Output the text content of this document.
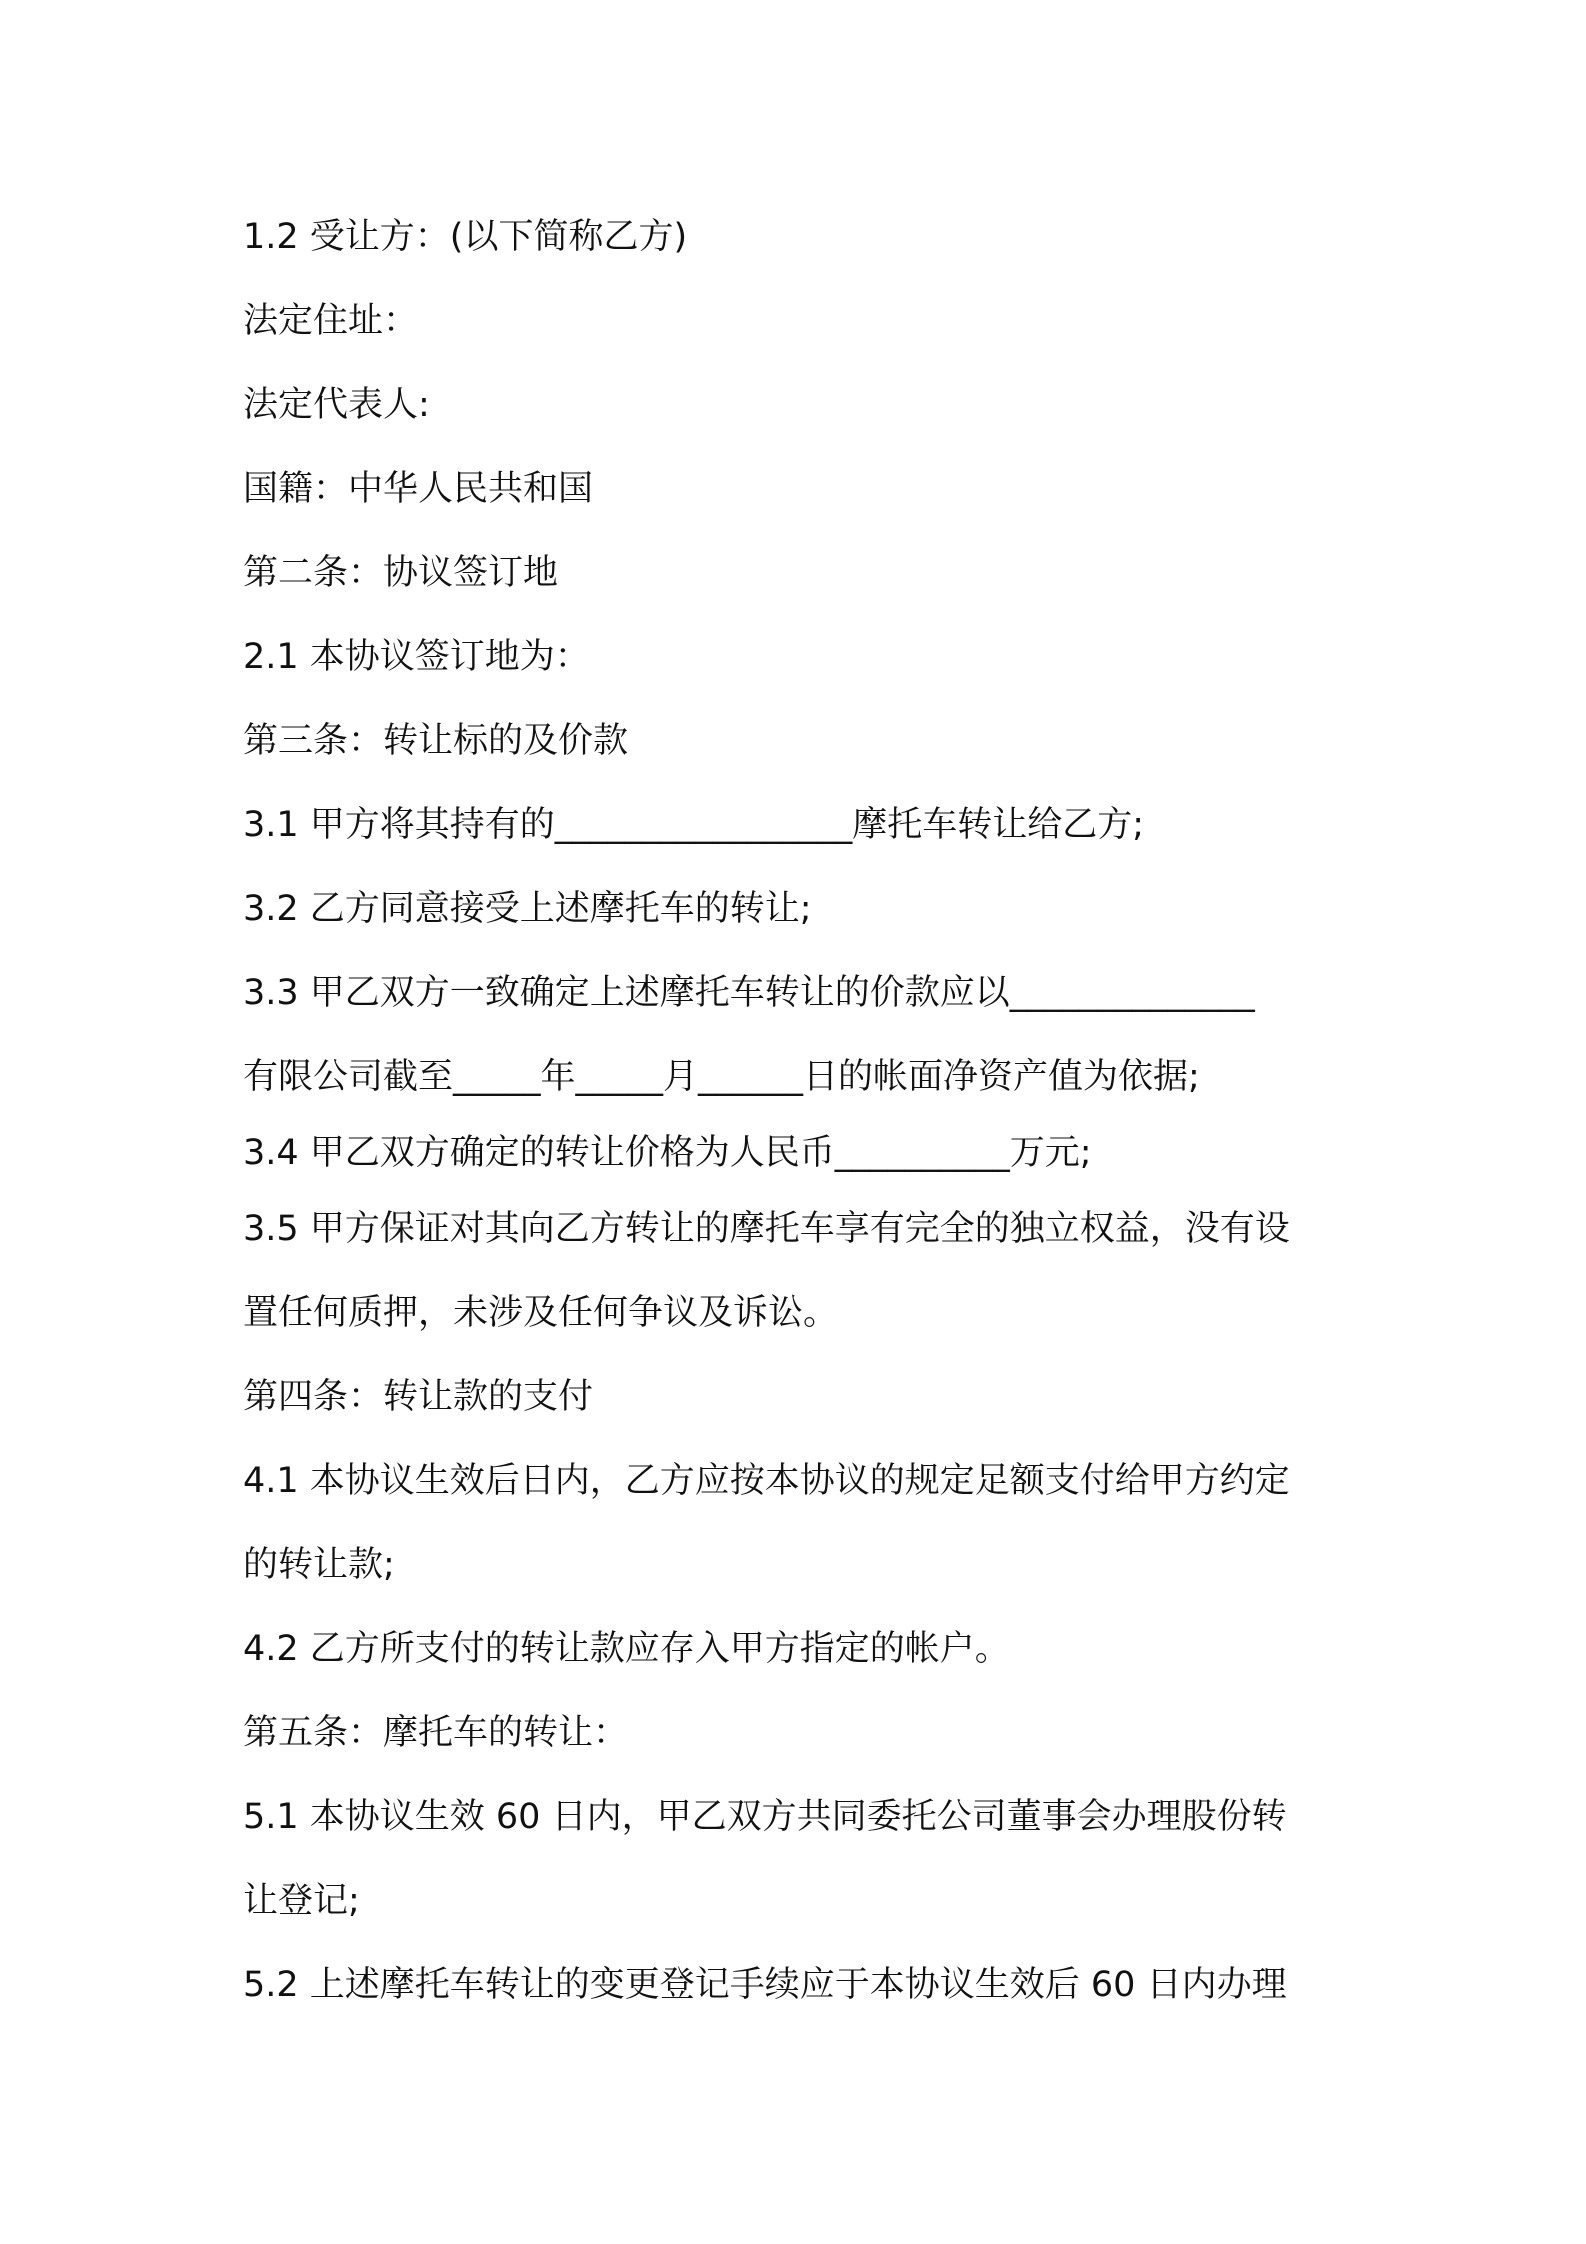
1.2 受让方：(以下简称乙方)
法定住址：
法定代表人:
国籍：中华人民共和国
第二条：协议签订地
2.1 本协议签订地为：
第三条：转让标的及价款
3.1 甲方将其持有的_________________摩托车转让给乙方;
3.2 乙方同意接受上述摩托车的转让;
3.3 甲乙双方一致确定上述摩托车转让的价款应以______________
有限公司截至_____年_____月______日的帐面净资产值为依据;
3.4 甲乙双方确定的转让价格为人民币__________万元;
3.5 甲方保证对其向乙方转让的摩托车享有完全的独立权益，没有设
置任何质押，未涉及任何争议及诉讼。
第四条：转让款的支付
4.1 本协议生效后日内，乙方应按本协议的规定足额支付给甲方约定
的转让款;
4.2 乙方所支付的转让款应存入甲方指定的帐户。
第五条：摩托车的转让：
5.1 本协议生效 60 日内，甲乙双方共同委托公司董事会办理股份转
让登记;
5.2 上述摩托车转让的变更登记手续应于本协议生效后 60 日内办理
